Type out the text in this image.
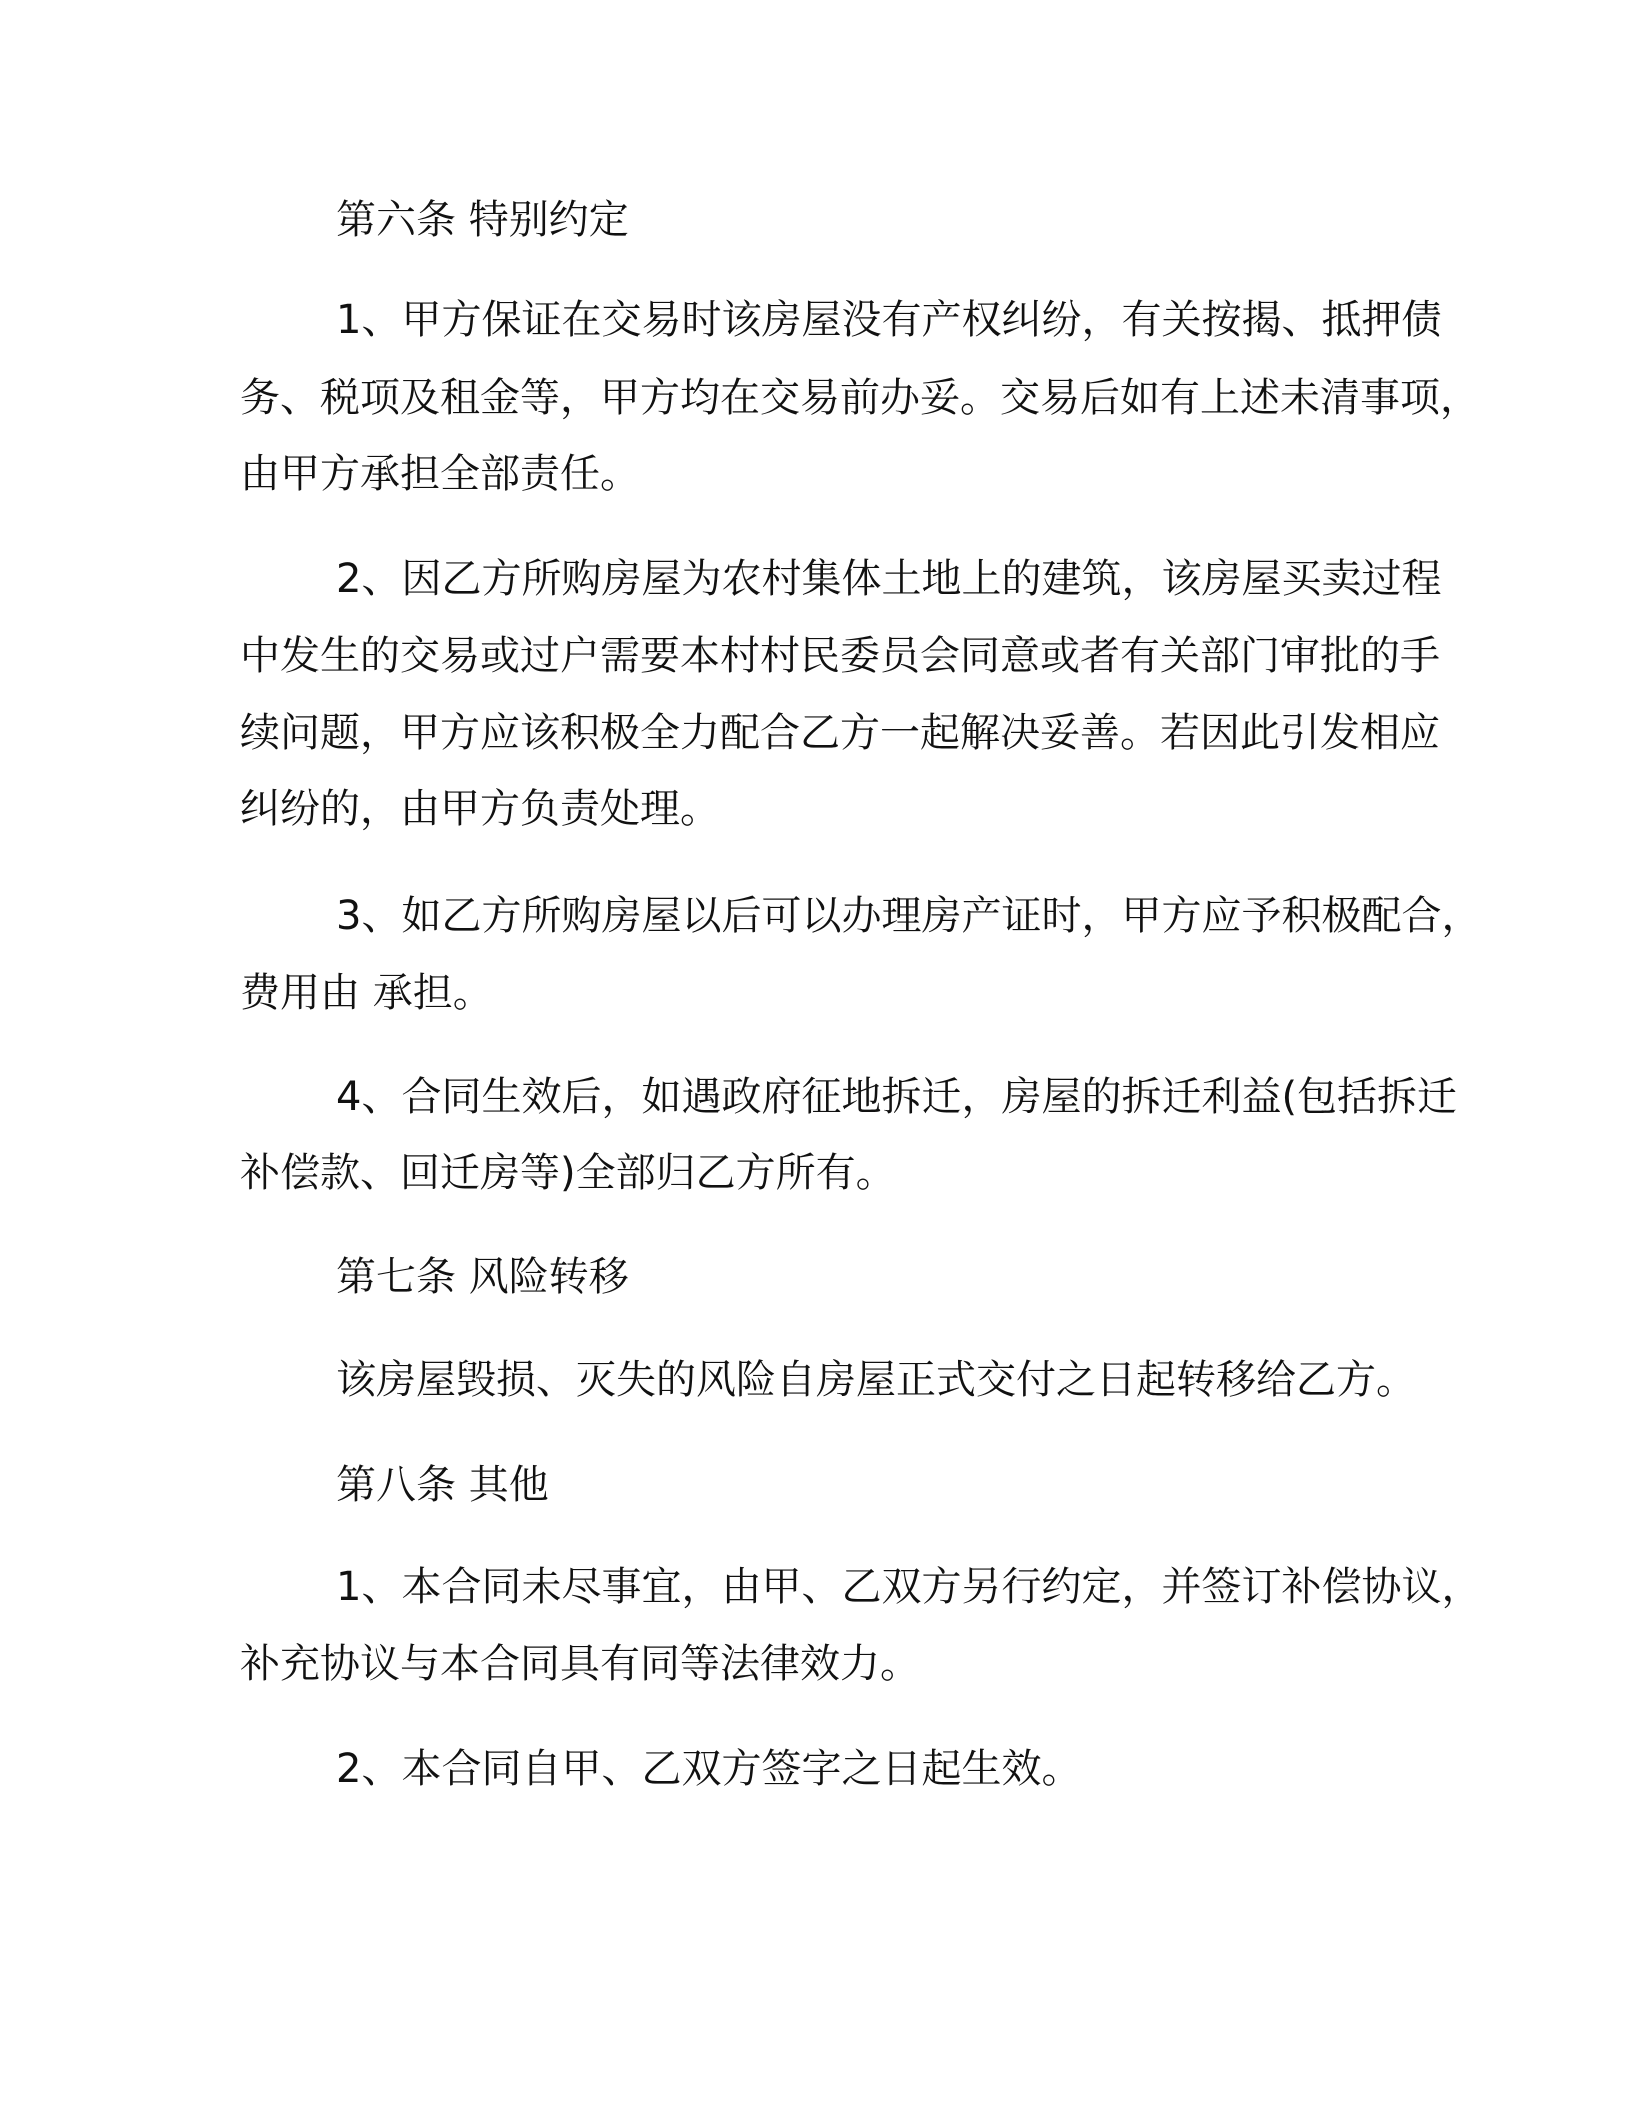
第六条 特别约定
1、甲方保证在交易时该房屋没有产权纠纷，有关按揭、抵押债
务、税项及租金等，甲方均在交易前办妥。交易后如有上述未清事项，
由甲方承担全部责任。
2、因乙方所购房屋为农村集体土地上的建筑，该房屋买卖过程
中发生的交易或过户需要本村村民委员会同意或者有关部门审批的手
续问题，甲方应该积极全力配合乙方一起解决妥善。若因此引发相应
纠纷的，由甲方负责处理。
3、如乙方所购房屋以后可以办理房产证时，甲方应予积极配合，
费用由 承担。
4、合同生效后，如遇政府征地拆迁，房屋的拆迁利益(包括拆迁
补偿款、回迁房等)全部归乙方所有。
第七条 风险转移
该房屋毁损、灭失的风险自房屋正式交付之日起转移给乙方。
第八条 其他
1、本合同未尽事宜，由甲、乙双方另行约定，并签订补偿协议，
补充协议与本合同具有同等法律效力。
2、本合同自甲、乙双方签字之日起生效。
